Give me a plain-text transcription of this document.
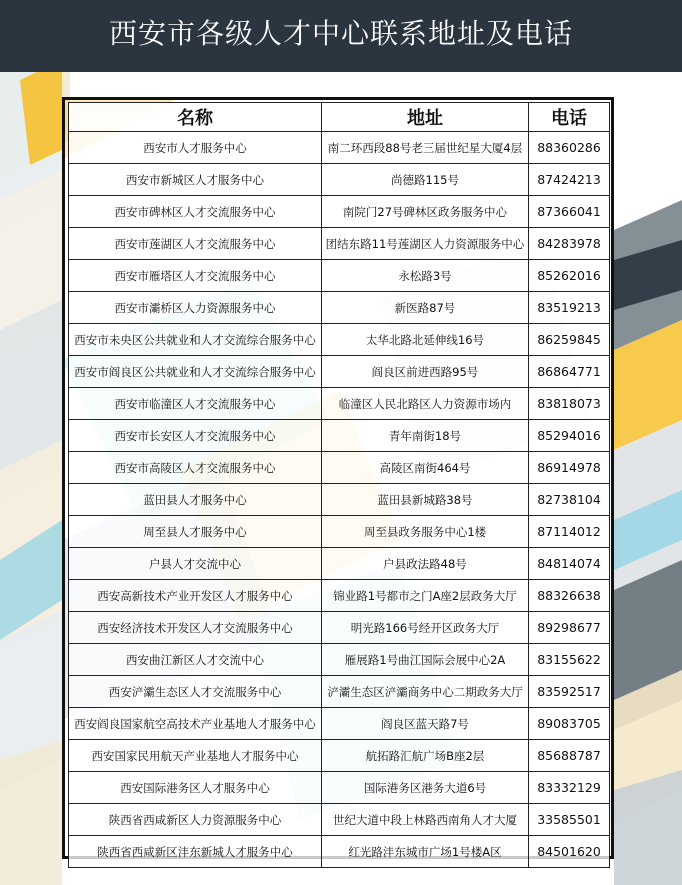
西安市各级人才中心联系地址及电话
名称	地址	电话
西安市人才服务中心	南二环西段88号老三届世纪星大厦4层	88360286
西安市新城区人才服务中心	尚德路115号	87424213
西安市碑林区人才交流服务中心	南院门27号碑林区政务服务中心	87366041
西安市莲湖区人才交流服务中心	团结东路11号莲湖区人力资源服务中心	84283978
西安市雁塔区人才交流服务中心	永松路3号	85262016
西安市灞桥区人力资源服务中心	新医路87号	83519213
西安市未央区公共就业和人才交流综合服务中心	太华北路北延伸线16号	86259845
西安市阎良区公共就业和人才交流综合服务中心	阎良区前进西路95号	86864771
西安市临潼区人才交流服务中心	临潼区人民北路区人力资源市场内	83818073
西安市长安区人才交流服务中心	青年南街18号	85294016
西安市高陵区人才交流服务中心	高陵区南街464号	86914978
蓝田县人才服务中心	蓝田县新城路38号	82738104
周至县人才服务中心	周至县政务服务中心1楼	87114012
户县人才交流中心	户县政法路48号	84814074
西安高新技术产业开发区人才服务中心	锦业路1号都市之门A座2层政务大厅	88326638
西安经济技术开发区人才交流服务中心	明光路166号经开区政务大厅	89298677
西安曲江新区人才交流中心	雁展路1号曲江国际会展中心2A	83155622
西安浐灞生态区人才交流服务中心	浐灞生态区浐灞商务中心二期政务大厅	83592517
西安阎良国家航空高技术产业基地人才服务中心	阎良区蓝天路7号	89083705
西安国家民用航天产业基地人才服务中心	航拓路汇航广场B座2层	85688787
西安国际港务区人才服务中心	国际港务区港务大道6号	83332129
陕西省西咸新区人力资源服务中心	世纪大道中段上林路西南角人才大厦	33585501
陕西省西咸新区沣东新城人才服务中心	红光路沣东城市广场1号楼A区	84501620
